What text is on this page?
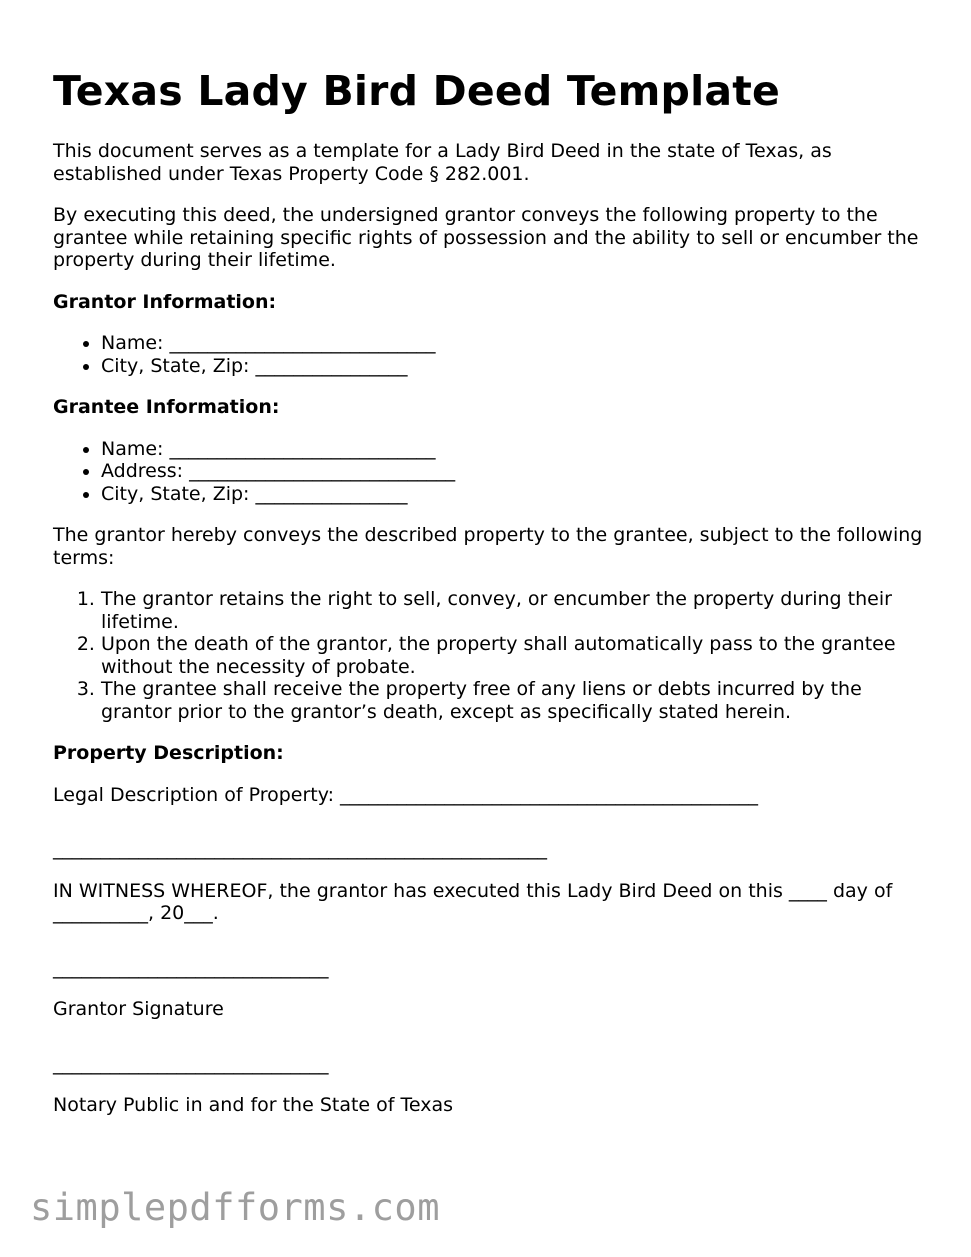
Texas Lady Bird Deed Template

This document serves as a template for a Lady Bird Deed in the state of Texas, as established under Texas Property Code § 282.001.

By executing this deed, the undersigned grantor conveys the following property to the grantee while retaining specific rights of possession and the ability to sell or encumber the property during their lifetime.

Grantor Information:

• Name: ____________________________
• City, State, Zip: ________________

Grantee Information:

• Name: ____________________________
• Address: ____________________________
• City, State, Zip: ________________

The grantor hereby conveys the described property to the grantee, subject to the following terms:

1. The grantor retains the right to sell, convey, or encumber the property during their lifetime.
2. Upon the death of the grantor, the property shall automatically pass to the grantee without the necessity of probate.
3. The grantee shall receive the property free of any liens or debts incurred by the grantor prior to the grantor’s death, except as specifically stated herein.

Property Description:

Legal Description of Property: ____________________________________________

____________________________________________________

IN WITNESS WHEREOF, the grantor has executed this Lady Bird Deed on this ____ day of __________, 20___.

_____________________________

Grantor Signature

_____________________________

Notary Public in and for the State of Texas

simplepdfforms.com
